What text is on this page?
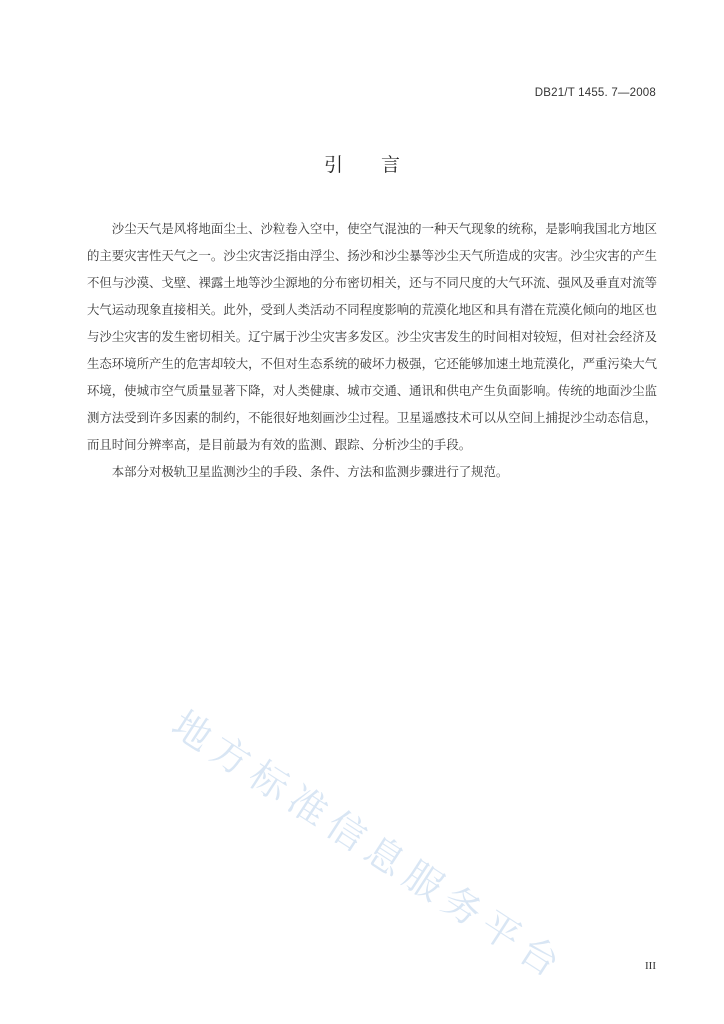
DB21/T 1455. 7—2008
引 言

沙尘天气是风将地面尘土、沙粒卷入空中，使空气混浊的一种天气现象的统称，是影响我国北方地区的主要灾害性天气之一。沙尘灾害泛指由浮尘、扬沙和沙尘暴等沙尘天气所造成的灾害。沙尘灾害的产生不但与沙漠、戈壁、裸露土地等沙尘源地的分布密切相关，还与不同尺度的大气环流、强风及垂直对流等大气运动现象直接相关。此外，受到人类活动不同程度影响的荒漠化地区和具有潜在荒漠化倾向的地区也与沙尘灾害的发生密切相关。辽宁属于沙尘灾害多发区。沙尘灾害发生的时间相对较短，但对社会经济及生态环境所产生的危害却较大，不但对生态系统的破坏力极强，它还能够加速土地荒漠化，严重污染大气环境，使城市空气质量显著下降，对人类健康、城市交通、通讯和供电产生负面影响。传统的地面沙尘监测方法受到许多因素的制约，不能很好地刻画沙尘过程。卫星遥感技术可以从空间上捕捉沙尘动态信息，而且时间分辨率高，是目前最为有效的监测、跟踪、分析沙尘的手段。

本部分对极轨卫星监测沙尘的手段、条件、方法和监测步骤进行了规范。

地方标准信息服务平台	III
